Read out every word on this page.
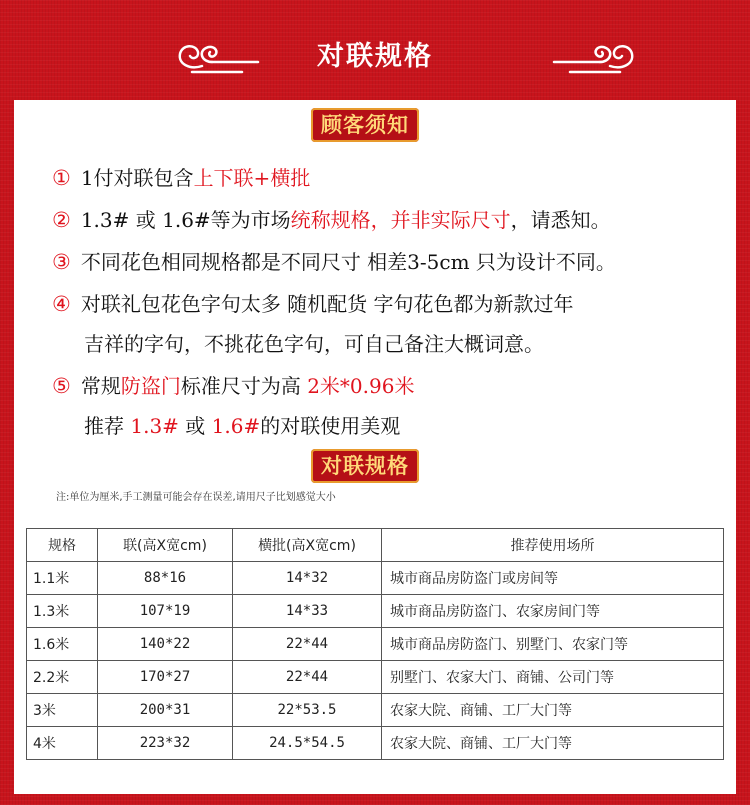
对联规格
顾客须知
① 1付对联包含上下联+横批
② 1.3# 或 1.6#等为市场统称规格，并非实际尺寸，请悉知。
③ 不同花色相同规格都是不同尺寸 相差3-5cm 只为设计不同。
④ 对联礼包花色字句太多 随机配货 字句花色都为新款过年
吉祥的字句，不挑花色字句，可自己备注大概词意。
⑤ 常规防盗门标准尺寸为高 2米*0.96米
推荐 1.3# 或 1.6#的对联使用美观
对联规格
注:单位为厘米,手工测量可能会存在误差,请用尺子比划感觉大小
规格	联(高X宽cm)	横批(高X宽cm)	推荐使用场所
1.1米	88*16	14*32	城市商品房防盗门或房间等
1.3米	107*19	14*33	城市商品房防盗门、农家房间门等
1.6米	140*22	22*44	城市商品房防盗门、别墅门、农家门等
2.2米	170*27	22*44	别墅门、农家大门、商铺、公司门等
3米	200*31	22*53.5	农家大院、商铺、工厂大门等
4米	223*32	24.5*54.5	农家大院、商铺、工厂大门等
